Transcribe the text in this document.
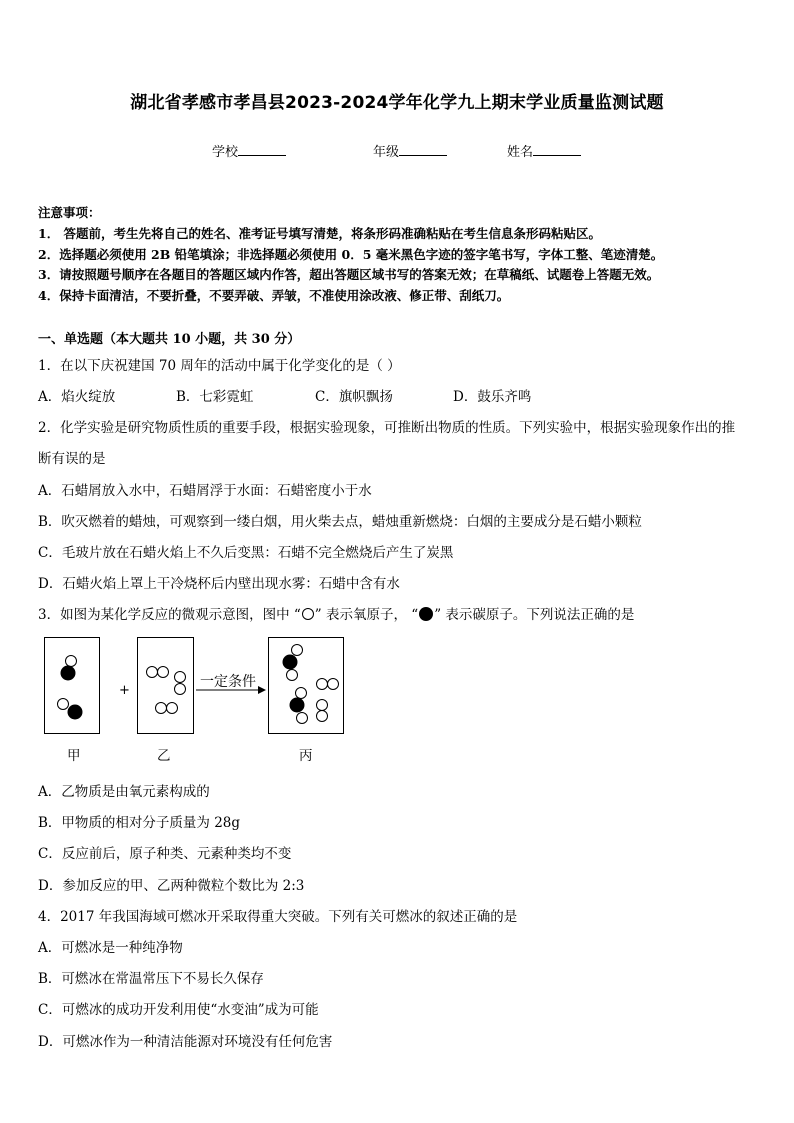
湖北省孝感市孝昌县2023-2024学年化学九上期末学业质量监测试题
学校	年级	姓名
注意事项：
1． 答题前，考生先将自己的姓名、准考证号填写清楚，将条形码准确粘贴在考生信息条形码粘贴区。
2．选择题必须使用 2B 铅笔填涂；非选择题必须使用 0．5 毫米黑色字迹的签字笔书写，字体工整、笔迹清楚。
3．请按照题号顺序在各题目的答题区域内作答，超出答题区域书写的答案无效；在草稿纸、试题卷上答题无效。
4．保持卡面清洁，不要折叠，不要弄破、弄皱，不准使用涂改液、修正带、刮纸刀。
一、单选题（本大题共 10 小题，共 30 分）
1．在以下庆祝建国 70 周年的活动中属于化学变化的是（ ）
A．焰火绽放	B．七彩霓虹	C．旗帜飘扬	D．鼓乐齐鸣
2．化学实验是研究物质性质的重要手段，根据实验现象，可推断出物质的性质。下列实验中，根据实验现象作出的推
断有误的是
A．石蜡屑放入水中，石蜡屑浮于水面：石蜡密度小于水
B．吹灭燃着的蜡烛，可观察到一缕白烟，用火柴去点，蜡烛重新燃烧：白烟的主要成分是石蜡小颗粒
C．毛玻片放在石蜡火焰上不久后变黑：石蜡不完全燃烧后产生了炭黑
D．石蜡火焰上罩上干冷烧杯后内壁出现水雾：石蜡中含有水
3．如图为某化学反应的微观示意图，图中 “ ” 表示氧原子， “ ” 表示碳原子。下列说法正确的是
+
一定条件
甲	乙	丙
A．乙物质是由氧元素构成的
B．甲物质的相对分子质量为 28g
C．反应前后，原子种类、元素种类均不变
D．参加反应的甲、乙两种微粒个数比为 2:3
4．2017 年我国海域可燃冰开采取得重大突破。下列有关可燃冰的叙述正确的是
A．可燃冰是一种纯净物
B．可燃冰在常温常压下不易长久保存
C．可燃冰的成功开发利用使“水变油”成为可能
D．可燃冰作为一种清洁能源对环境没有任何危害
